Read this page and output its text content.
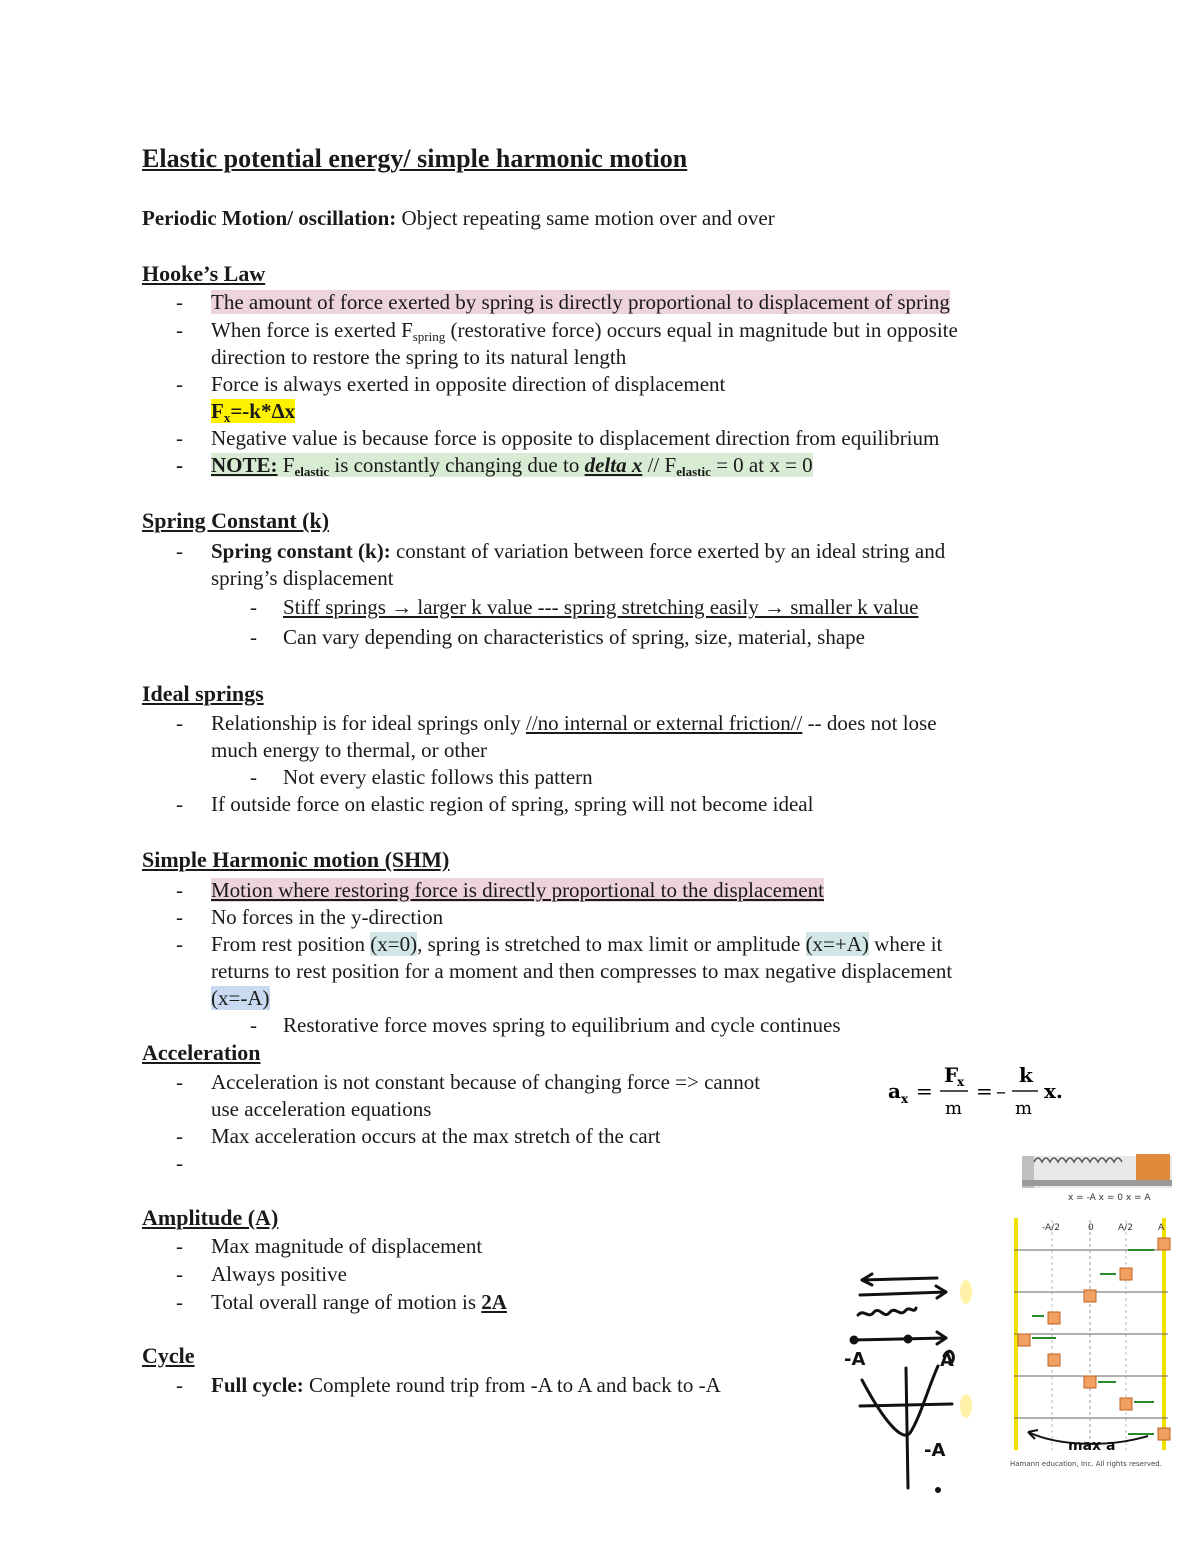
Elastic potential energy/ simple harmonic motion
Periodic Motion/ oscillation: Object repeating same motion over and over
Hooke’s Law
- The amount of force exerted by spring is directly proportional to displacement of spring
- When force is exerted $F_{spring}$ (restorative force) occurs equal in magnitude but in opposite
direction to restore the spring to its natural length
- Force is always exerted in opposite direction of displacement
$F_x=-k*\Delta x$
- Negative value is because force is opposite to displacement direction from equilibrium
- NOTE: $F_{elastic}$ is constantly changing due to delta $x // F_{elastic} = 0$ at x = 0
Spring Constant (k)
- Spring constant (k): constant of variation between force exerted by an ideal string and
spring’s displacement
- Stiff springs → larger k value --- spring stretching easily → smaller k value
- Can vary depending on characteristics of spring, size, material, shape
Ideal springs
- Relationship is for ideal springs only //no internal or external friction// -- does not lose
much energy to thermal, or other
- Not every elastic follows this pattern
- If outside force on elastic region of spring, spring will not become ideal
Simple Harmonic motion (SHM)
- Motion where restoring force is directly proportional to the displacement
- No forces in the y-direction
- From rest position (x=0), spring is stretched to max limit or amplitude (x=+A) where it
returns to rest position for a moment and then compresses to max negative displacement
(x=-A)
- Restorative force moves spring to equilibrium and cycle continues
Acceleration
- Acceleration is not constant because of changing force => cannot
use acceleration equations
- Max acceleration occurs at the max stretch of the cart
-
a x =
F
x
m
= –
k
m
x.
Amplitude (A)
- Max magnitude of displacement
- Always positive
- Total overall range of motion is 2A
Cycle
- Full cycle: Complete round trip from -A to A and back to -A
-A	A
-A
x = -A x = 0 x = A
-A/2	0	A/2	A
max a
Hamann education, Inc. All rights reserved.
